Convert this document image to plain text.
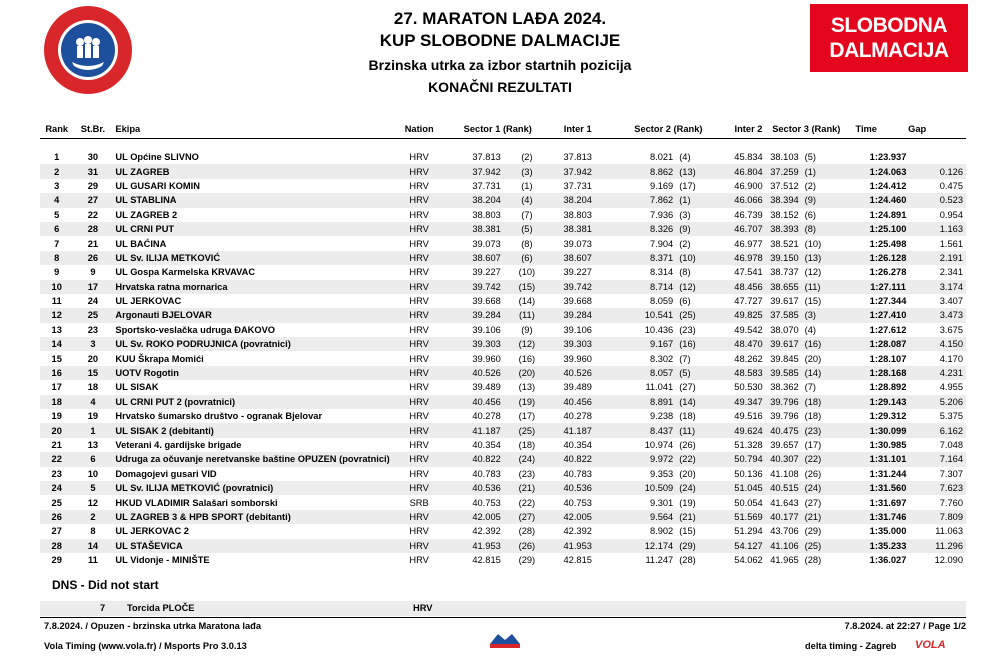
27. MARATON LAĐA 2024.
KUP SLOBODNE DALMACIJE
Brzinska utrka za izbor startnih pozicija
KONAČNI REZULTATI
SLOBODNA
DALMACIJA
Rank	St.Br.	Ekipa	Nation	Sector 1 (Rank)		Inter 1	Sector 2 (Rank)		Inter 2	Sector 3 (Rank)		Time	Gap	

1	30	UL Općine SLIVNO	HRV	37.813	(2)	37.813	8.021	(4)	45.834	38.103	(5)	1:23.937		
2	31	UL ZAGREB	HRV	37.942	(3)	37.942	8.862	(13)	46.804	37.259	(1)	1:24.063		0.126
3	29	UL GUSARI KOMIN	HRV	37.731	(1)	37.731	9.169	(17)	46.900	37.512	(2)	1:24.412		0.475
4	27	UL STABLINA	HRV	38.204	(4)	38.204	7.862	(1)	46.066	38.394	(9)	1:24.460		0.523
5	22	UL ZAGREB 2	HRV	38.803	(7)	38.803	7.936	(3)	46.739	38.152	(6)	1:24.891		0.954
6	28	UL CRNI PUT	HRV	38.381	(5)	38.381	8.326	(9)	46.707	38.393	(8)	1:25.100		1.163
7	21	UL BAĆINA	HRV	39.073	(8)	39.073	7.904	(2)	46.977	38.521	(10)	1:25.498		1.561
8	26	UL Sv. ILIJA METKOVIĆ	HRV	38.607	(6)	38.607	8.371	(10)	46.978	39.150	(13)	1:26.128		2.191
9	9	UL Gospa Karmelska KRVAVAC	HRV	39.227	(10)	39.227	8.314	(8)	47.541	38.737	(12)	1:26.278		2.341
10	17	Hrvatska ratna mornarica	HRV	39.742	(15)	39.742	8.714	(12)	48.456	38.655	(11)	1:27.111		3.174
11	24	UL JERKOVAC	HRV	39.668	(14)	39.668	8.059	(6)	47.727	39.617	(15)	1:27.344		3.407
12	25	Argonauti BJELOVAR	HRV	39.284	(11)	39.284	10.541	(25)	49.825	37.585	(3)	1:27.410		3.473
13	23	Sportsko-veslačka udruga ĐAKOVO	HRV	39.106	(9)	39.106	10.436	(23)	49.542	38.070	(4)	1:27.612		3.675
14	3	UL Sv. ROKO PODRUJNICA (povratnici)	HRV	39.303	(12)	39.303	9.167	(16)	48.470	39.617	(16)	1:28.087		4.150
15	20	KUU Škrapa Momići	HRV	39.960	(16)	39.960	8.302	(7)	48.262	39.845	(20)	1:28.107		4.170
16	15	UOTV Rogotin	HRV	40.526	(20)	40.526	8.057	(5)	48.583	39.585	(14)	1:28.168		4.231
17	18	UL SISAK	HRV	39.489	(13)	39.489	11.041	(27)	50.530	38.362	(7)	1:28.892		4.955
18	4	UL CRNI PUT 2 (povratnici)	HRV	40.456	(19)	40.456	8.891	(14)	49.347	39.796	(18)	1:29.143		5.206
19	19	Hrvatsko šumarsko društvo - ogranak Bjelovar	HRV	40.278	(17)	40.278	9.238	(18)	49.516	39.796	(18)	1:29.312		5.375
20	1	UL SISAK 2 (debitanti)	HRV	41.187	(25)	41.187	8.437	(11)	49.624	40.475	(23)	1:30.099		6.162
21	13	Veterani 4. gardijske brigade	HRV	40.354	(18)	40.354	10.974	(26)	51.328	39.657	(17)	1:30.985		7.048
22	6	Udruga za očuvanje neretvanske baštine OPUZEN (povratnici)	HRV	40.822	(24)	40.822	9.972	(22)	50.794	40.307	(22)	1:31.101		7.164
23	10	Domagojevi gusari VID	HRV	40.783	(23)	40.783	9.353	(20)	50.136	41.108	(26)	1:31.244		7.307
24	5	UL Sv. ILIJA METKOVIĆ (povratnici)	HRV	40.536	(21)	40.536	10.509	(24)	51.045	40.515	(24)	1:31.560		7.623
25	12	HKUD VLADIMIR Salašari somborski	SRB	40.753	(22)	40.753	9.301	(19)	50.054	41.643	(27)	1:31.697		7.760
26	2	UL ZAGREB 3 & HPB SPORT (debitanti)	HRV	42.005	(27)	42.005	9.564	(21)	51.569	40.177	(21)	1:31.746		7.809
27	8	UL JERKOVAC 2	HRV	42.392	(28)	42.392	8.902	(15)	51.294	43.706	(29)	1:35.000		11.063
28	14	UL STAŠEVICA	HRV	41.953	(26)	41.953	12.174	(29)	54.127	41.106	(25)	1:35.233		11.296
29	11	UL Vidonje - MINIŠTE	HRV	42.815	(29)	42.815	11.247	(28)	54.062	41.965	(28)	1:36.027		12.090
DNS - Did not start
7 Torcida PLOČE	HRV
7.8.2024. / Opuzen - brzinska utrka Maratona lađa	7.8.2024. at 22:27 / Page 1/2
Vola Timing (www.vola.fr) / Msports Pro 3.0.13	delta timing - Zagreb VOLA
